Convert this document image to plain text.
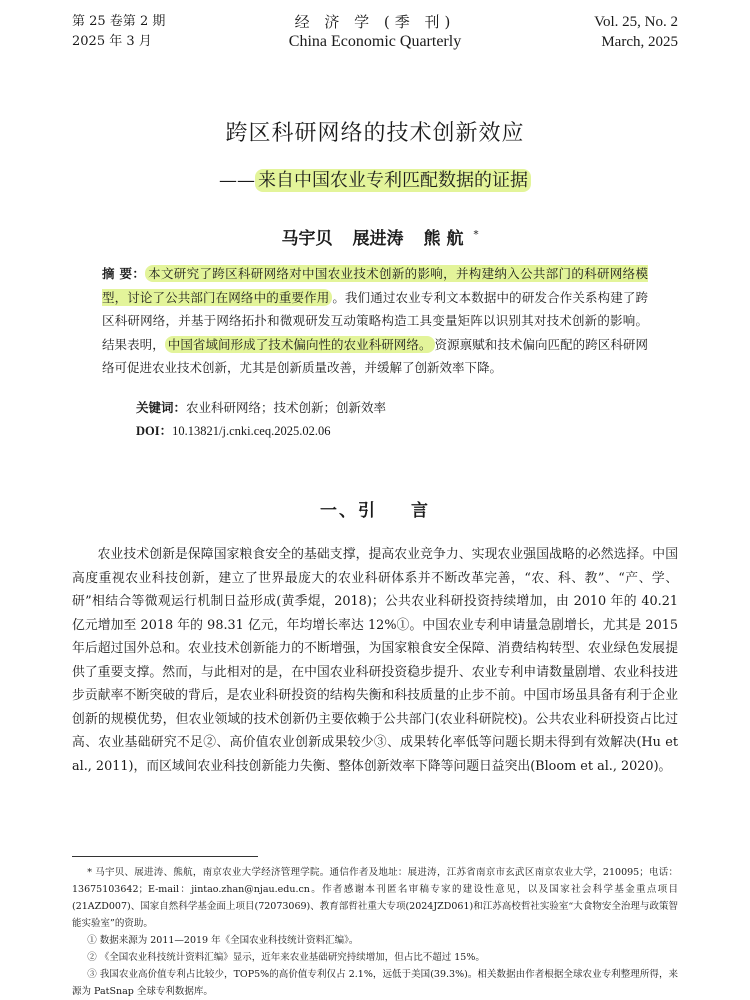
第 25 卷第 2 期
2025 年 3 月
经 济 学 (季 刊)
China Economic Quarterly
Vol. 25, No. 2
March, 2025
跨区科研网络的技术创新效应
—— 来自中国农业专利匹配数据的证据
马宇贝 展进涛 熊 航 *
摘 要： 本文研究了跨区科研网络对中国农业技术创新的影响，并构建纳入公共部门的科研网络模型，讨论了公共部门在网络中的重要作用 。我们通过农业专利文本数据中的研发合作关系构建了跨区科研网络，并基于网络拓扑和微观研发互动策略构造工具变量矩阵以识别其对技术创新的影响。结果表明， 中国省域间形成了技术偏向性的农业科研网络。 资源禀赋和技术偏向匹配的跨区科研网络可促进农业技术创新，尤其是创新质量改善，并缓解了创新效率下降。
关键词：农业科研网络；技术创新；创新效率
DOI：10.13821/j.cnki.ceq.2025.02.06
一、引 言
农业技术创新是保障国家粮食安全的基础支撑，提高农业竞争力、实现农业强国战略的必然选择。中国高度重视农业科技创新，建立了世界最庞大的农业科研体系并不断改革完善，“农、科、教”、“产、学、研”相结合等微观运行机制日益形成(黄季焜，2018)；公共农业科研投资持续增加，由 2010 年的 40.21 亿元增加至 2018 年的 98.31 亿元，年均增长率达 12%①。中国农业专利申请量急剧增长，尤其是 2015 年后超过国外总和。农业技术创新能力的不断增强，为国家粮食安全保障、消费结构转型、农业绿色发展提供了重要支撑。然而，与此相对的是，在中国农业科研投资稳步提升、农业专利申请数量剧增、农业科技进步贡献率不断突破的背后，是农业科研投资的结构失衡和科技质量的止步不前。中国市场虽具备有利于企业创新的规模优势，但农业领域的技术创新仍主要依赖于公共部门(农业科研院校)。公共农业科研投资占比过高、农业基础研究不足②、高价值农业创新成果较少③、成果转化率低等问题长期未得到有效解决(Hu et al., 2011)，而区域间农业科技创新能力失衡、整体创新效率下降等问题日益突出(Bloom et al., 2020)。

* 马宇贝、展进涛、熊航，南京农业大学经济管理学院。通信作者及地址：展进涛，江苏省南京市玄武区南京农业大学，210095；电话：13675103642；E-mail：jintao.zhan@njau.edu.cn。作者感谢本刊匿名审稿专家的建设性意见，以及国家社会科学基金重点项目(21AZD007)、国家自然科学基金面上项目(72073069)、教育部哲社重大专项(2024JZD061)和江苏高校哲社实验室“大食物安全治理与政策智能实验室”的资助。

① 数据来源为 2011—2019 年《全国农业科技统计资料汇编》。

② 《全国农业科技统计资料汇编》显示，近年来农业基础研究持续增加，但占比不超过 15%。

③ 我国农业高价值专利占比较少，TOP5%的高价值专利仅占 2.1%，远低于美国(39.3%)。相关数据由作者根据全球农业专利整理所得，来源为 PatSnap 全球专利数据库。
